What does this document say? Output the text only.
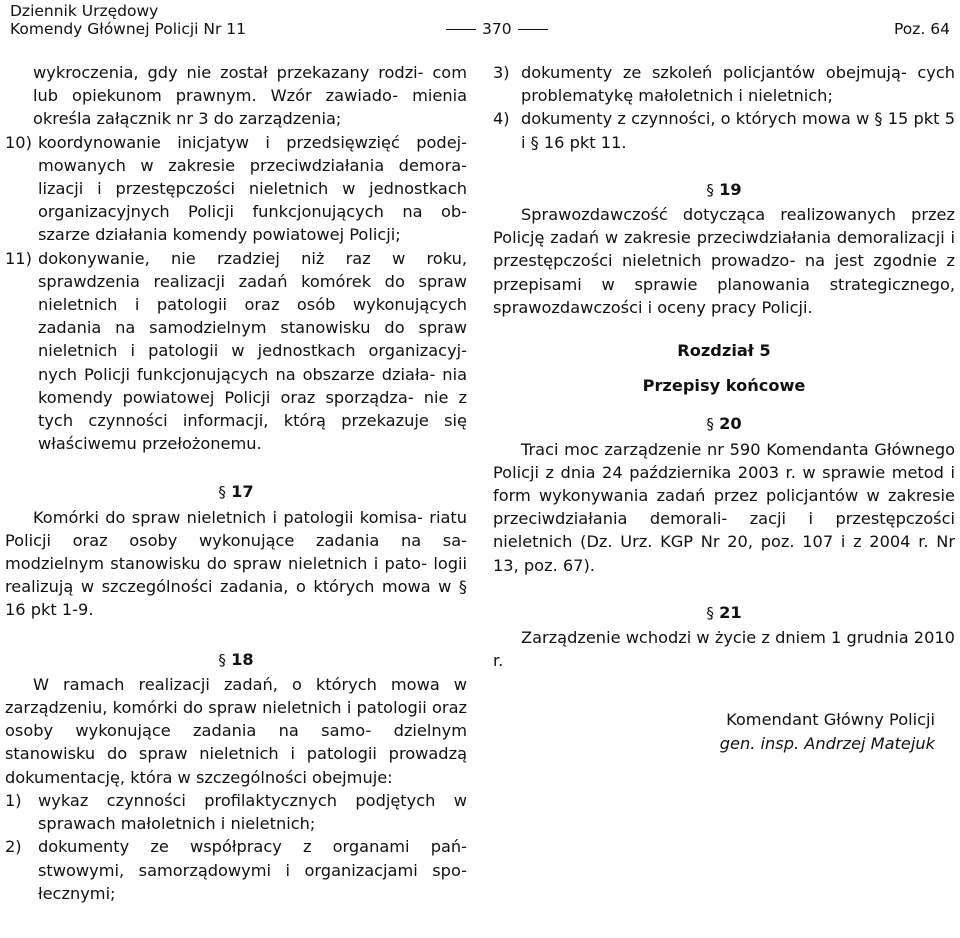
Dziennik Urzędowy
Komendy Głównej Policji Nr 11	370	Poz. 64
wykroczenia, gdy nie został przekazany rodzi- com lub opiekunom prawnym. Wzór zawiado- mienia określa załącznik nr 3 do zarządzenia;
10) koordynowanie inicjatyw i przedsięwzięć podej- mowanych w zakresie przeciwdziałania demora- lizacji i przestępczości nieletnich w jednostkach organizacyjnych Policji funkcjonujących na ob- szarze działania komendy powiatowej Policji;
11) dokonywanie, nie rzadziej niż raz w roku, sprawdzenia realizacji zadań komórek do spraw nieletnich i patologii oraz osób wykonujących zadania na samodzielnym stanowisku do spraw nieletnich i patologii w jednostkach organizacyj- nych Policji funkcjonujących na obszarze działa- nia komendy powiatowej Policji oraz sporządza- nie z tych czynności informacji, którą przekazuje się właściwemu przełożonemu.
§ 17
Komórki do spraw nieletnich i patologii komisa- riatu Policji oraz osoby wykonujące zadania na sa- modzielnym stanowisku do spraw nieletnich i pato- logii realizują w szczególności zadania, o których mowa w § 16 pkt 1-9.
§ 18
W ramach realizacji zadań, o których mowa w zarządzeniu, komórki do spraw nieletnich i patologii oraz osoby wykonujące zadania na samo- dzielnym stanowisku do spraw nieletnich i patologii prowadzą dokumentację, która w szczególności obejmuje:
1)	wykaz czynności profilaktycznych podjętych w sprawach małoletnich i nieletnich;
2)	dokumenty ze współpracy z organami pań- stwowymi, samorządowymi i organizacjami spo- łecznymi;
3) dokumenty ze szkoleń policjantów obejmują- cych problematykę małoletnich i nieletnich;
4) dokumenty z czynności, o których mowa w § 15 pkt 5 i § 16 pkt 11.
§ 19
Sprawozdawczość dotycząca realizowanych przez Policję zadań w zakresie przeciwdziałania demoralizacji i przestępczości nieletnich prowadzo- na jest zgodnie z przepisami w sprawie planowania strategicznego, sprawozdawczości i oceny pracy Policji.
Rozdział 5
Przepisy końcowe
§ 20
Traci moc zarządzenie nr 590 Komendanta Głównego Policji z dnia 24 października 2003 r. w sprawie metod i form wykonywania zadań przez policjantów w zakresie przeciwdziałania demorali- zacji i przestępczości nieletnich (Dz. Urz. KGP Nr 20, poz. 107 i z 2004 r. Nr 13, poz. 67).
§ 21
Zarządzenie wchodzi w życie z dniem 1 grudnia 2010 r.
Komendant Główny Policji
gen. insp. Andrzej Matejuk
